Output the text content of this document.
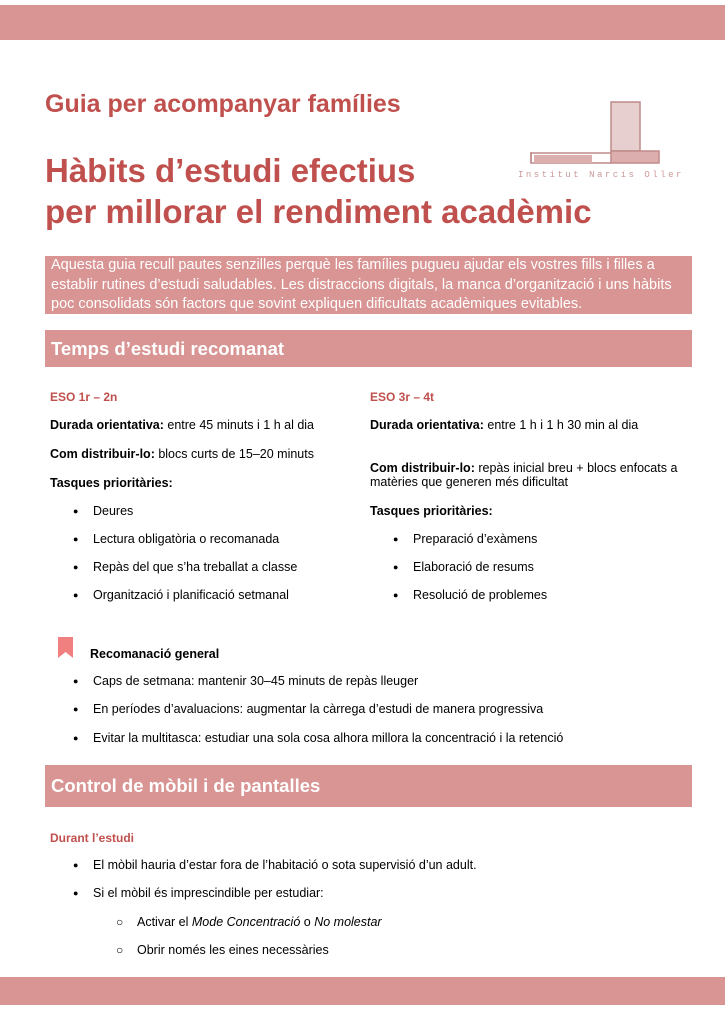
Guia per acompanyar famílies
Hàbits d’estudi efectius
per millorar el rendiment acadèmic
Institut Narcís Oller
Aquesta guia recull pautes senzilles perquè les famílies pugueu ajudar els vostres fills i filles a
establir rutines d’estudi saludables. Les distraccions digitals, la manca d’organització i uns hàbits
poc consolidats són factors que sovint expliquen dificultats acadèmiques evitables.
Temps d’estudi recomanat
ESO 1r – 2n
Durada orientativa: entre 45 minuts i 1 h al dia
Com distribuir-lo: blocs curts de 15–20 minuts
Tasques prioritàries:
ESO 3r – 4t
Durada orientativa: entre 1 h i 1 h 30 min al dia
Com distribuir-lo: repàs inicial breu + blocs enfocats a
matèries que generen més dificultat
Tasques prioritàries:
Recomanació general
Control de mòbil i de pantalles
Durant l’estudi
○ Activar el Mode Concentració o No molestar
○ Obrir només les eines necessàries
● Deures
● Lectura obligatòria o recomanada
● Repàs del que s’ha treballat a classe
● Organització i planificació setmanal
● Preparació d’exàmens
● Elaboració de resums
● Resolució de problemes
● Caps de setmana: mantenir 30–45 minuts de repàs lleuger
● En períodes d’avaluacions: augmentar la càrrega d’estudi de manera progressiva
● Evitar la multitasca: estudiar una sola cosa alhora millora la concentració i la retenció
● El mòbil hauria d’estar fora de l’habitació o sota supervisió d’un adult.
● Si el mòbil és imprescindible per estudiar:
